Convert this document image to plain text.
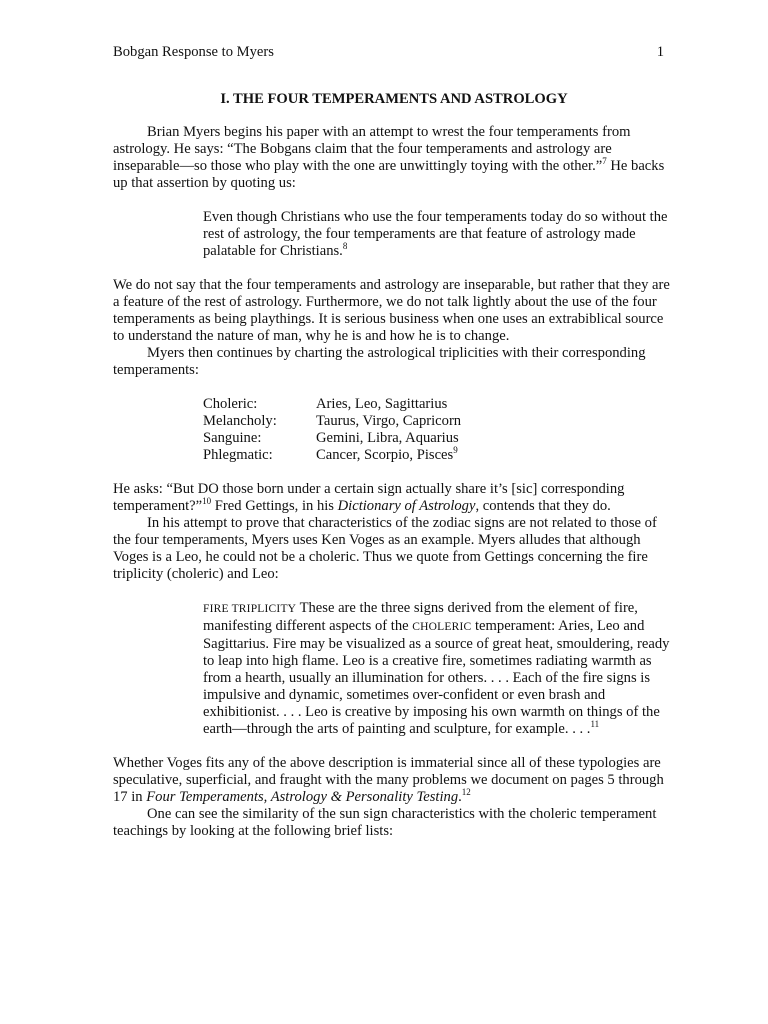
Bobgan Response to Myers	1
I. THE FOUR TEMPERAMENTS AND ASTROLOGY

Brian Myers begins his paper with an attempt to wrest the four temperaments from astrology. He says: “The Bobgans claim that the four temperaments and astrology are inseparable—so those who play with the one are unwittingly toying with the other.”$^7$ He backs up that assertion by quoting us:

Even though Christians who use the four temperaments today do so without the rest of astrology, the four temperaments are that feature of astrology made palatable for Christians.$^8$

We do not say that the four temperaments and astrology are inseparable, but rather that they are a feature of the rest of astrology. Furthermore, we do not talk lightly about the use of the four temperaments as being playthings. It is serious business when one uses an extrabiblical source to understand the nature of man, why he is and how he is to change.

Myers then continues by charting the astrological triplicities with their corresponding temperaments:

Choleric:	Aries, Leo, Sagittarius
Melancholy:	Taurus, Virgo, Capricorn
Sanguine:	Gemini, Libra, Aquarius
Phlegmatic:	Cancer, Scorpio, Pisces$^9$

He asks: “But DO those born under a certain sign actually share it’s [sic] corresponding temperament?”$^{10}$ Fred Gettings, in his Dictionary of Astrology, contends that they do.

In his attempt to prove that characteristics of the zodiac signs are not related to those of the four temperaments, Myers uses Ken Voges as an example. Myers alludes that although Voges is a Leo, he could not be a choleric. Thus we quote from Gettings concerning the fire triplicity (choleric) and Leo:

FIRE TRIPLICITY These are the three signs derived from the element of fire, manifesting different aspects of the CHOLERIC temperament: Aries, Leo and Sagittarius. Fire may be visualized as a source of great heat, smouldering, ready to leap into high flame. Leo is a creative fire, sometimes radiating warmth as from a hearth, usually an illumination for others. . . . Each of the fire signs is impulsive and dynamic, sometimes over-confident or even brash and exhibitionist. . . . Leo is creative by imposing his own warmth on things of the earth—through the arts of painting and sculpture, for example. . . .$^{11}$

Whether Voges fits any of the above description is immaterial since all of these typologies are speculative, superficial, and fraught with the many problems we document on pages 5 through 17 in Four Temperaments, Astrology & Personality Testing.$^{12}$

One can see the similarity of the sun sign characteristics with the choleric temperament teachings by looking at the following brief lists:
